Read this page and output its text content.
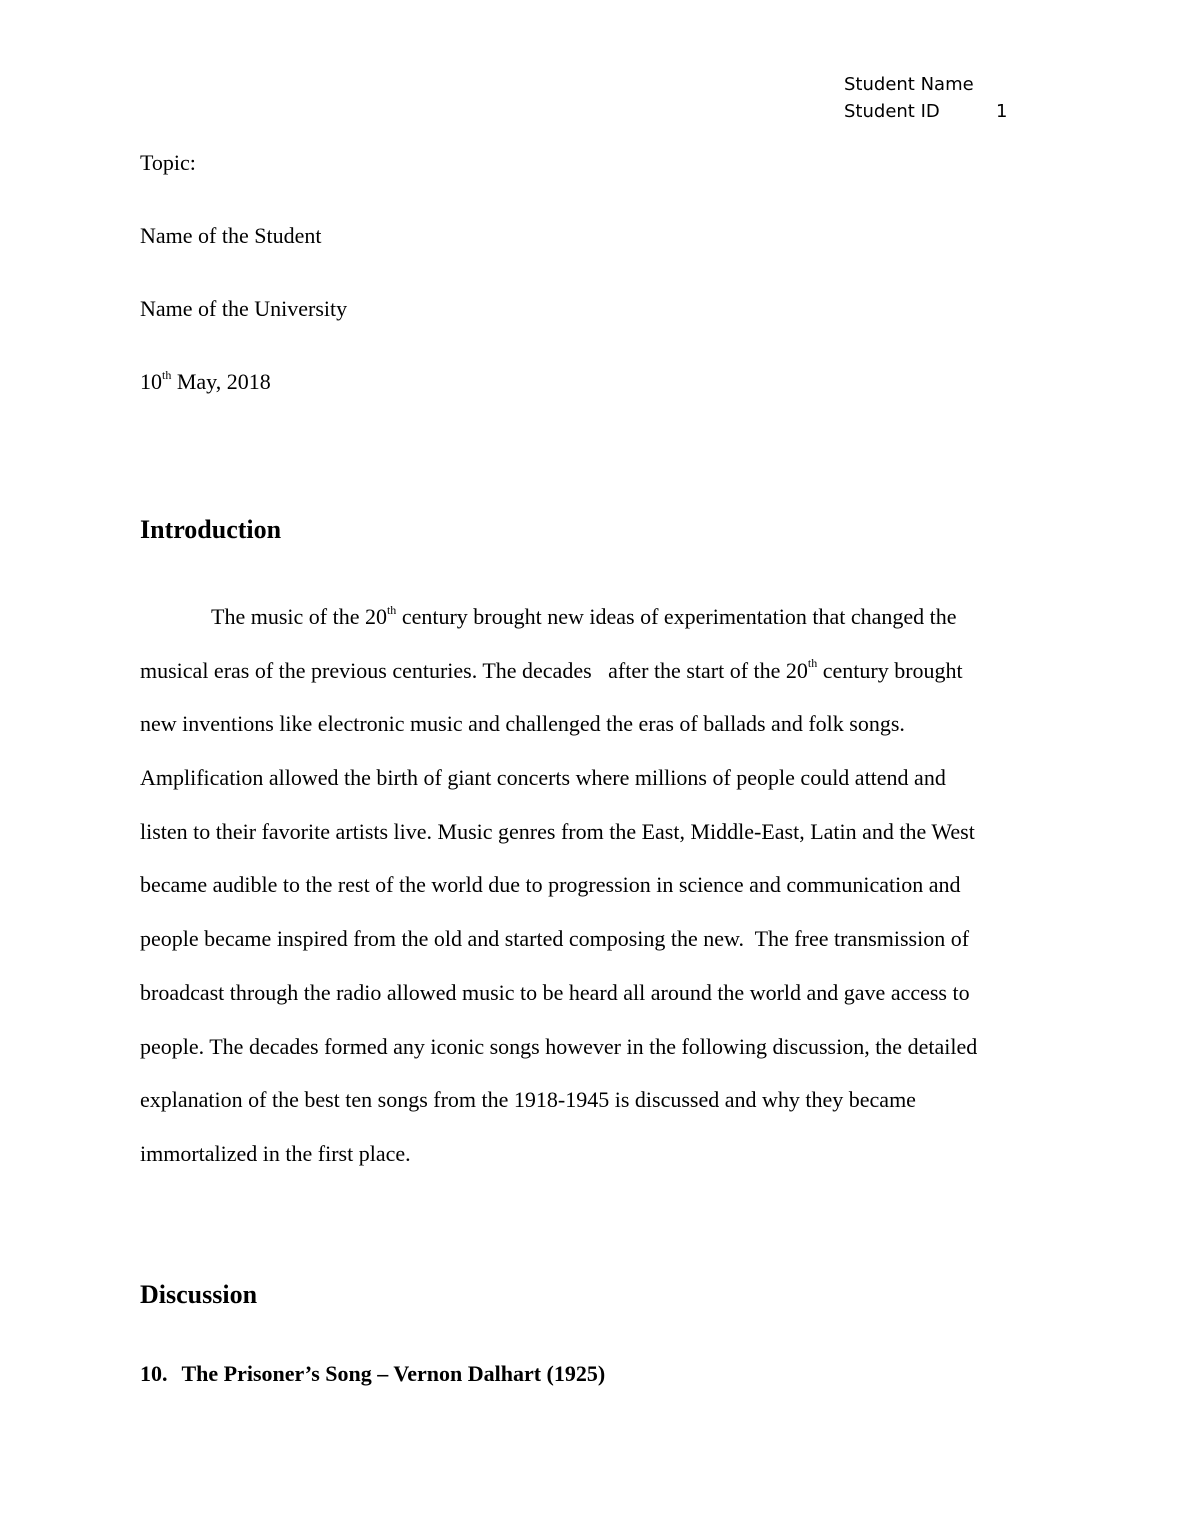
Student Name
Student ID	1
Topic:
Name of the Student
Name of the University
10th May, 2018
Introduction
The music of the 20th century brought new ideas of experimentation that changed the
musical eras of the previous centuries. The decades   after the start of the 20th century brought
new inventions like electronic music and challenged the eras of ballads and folk songs.
Amplification allowed the birth of giant concerts where millions of people could attend and
listen to their favorite artists live. Music genres from the East, Middle-East, Latin and the West
became audible to the rest of the world due to progression in science and communication and
people became inspired from the old and started composing the new.  The free transmission of
broadcast through the radio allowed music to be heard all around the world and gave access to
people. The decades formed any iconic songs however in the following discussion, the detailed
explanation of the best ten songs from the 1918-1945 is discussed and why they became
immortalized in the first place.
Discussion
10. The Prisoner’s Song – Vernon Dalhart (1925)
